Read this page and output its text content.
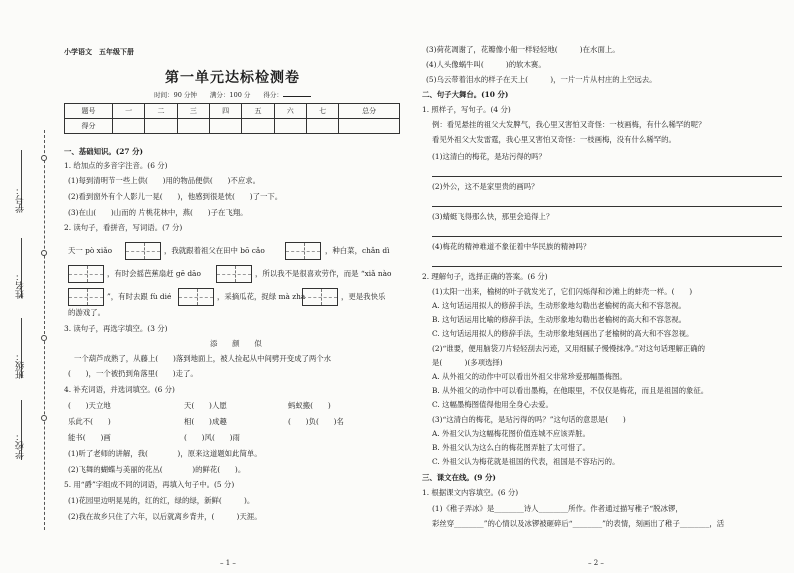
学号：
姓名：
班级：
学校：
小学语文　五年级下册
第一单元达标检测卷
时间：90 分钟　　满分：100 分　　得分：
题号	一	二	三	四	五	六	七	总分
得分								
一、基础知识。(27 分)
1. 给加点的多音字注音。(6 分)
(1)每到清明节一些上供(　　)用的物品便供(　　)不应求。
(2)看到窗外有个人影儿一晃(　　)，他感到很是恍(　　)了一下。
(3)在山(　　)山而的 片桃花林中，燕(　　)子在飞翔。
2. 读句子，看拼音，写词语。(7 分)
天一 pò xiǎo	，我就跟着祖父在田中 bō cǎo	，种白菜，chǎn dì
，有时会摇芭蕉扇赶 gē dāo	，所以我不是很喜欢劳作，而是 “xiǎ nào
”，有时去跟 fù dié	，采摘瓜花，捉绿 mà zhà	，更是我快乐
的游戏了。
3. 读句子，再选字填空。(3 分)
添　　颜　　似
一个葫芦成熟了，从藤上(　　)落到地面上，被人捡起从中间劈开变成了两个水
(　　)，一个被扔到角落里(　　)走了。
4. 补充词语，并选词填空。(6 分)
(　　)天立地	天(　　)人愿	蚂蚁搬(　　)
乐此不(　　)	相(　　)成趣	(　　)负(　　)名
能书(　　)画	(　　)风(　　)雨
(1)听了老师的讲解，我(　　　　)，原来这道题如此简单。
(2)飞舞的蝴蝶与美丽的花丛(　　　　)的鲜花(　　)。
5. 用“爵”字组成不同的词语，再填入句子中。(5 分)
(1)花园里边明晃晃的，红的红，绿的绿，新鲜(　　　)。
(2)我在故乡只住了六年，以后就离乡背井，(　　　)天涯。
– 1 –
(3)荷花凋谢了，花瓣像小船一样轻轻地(　　　)在水面上。
(4)人头像蜗牛叫(　　　)的软木赛。
(5)乌云带着泪水的样子在天上(　　　)，一片一片从村庄的上空远去。
二、句子大舞台。(10 分)
1. 照样子，写句子。(4 分)
例：看见悬挂的祖父大发脾气，我心里又害怕又奇怪：一枝画梅，有什么稀罕的呢？
看见外祖父大发雷霆，我心里又害怕又奇怪：一枝画梅，没有什么稀罕的。
(1)这清白的梅花，是玷污得的吗？
(2)外公，这不是家里贵的画吗？
(3)蜻蜓飞得那么快，那里会追得上？
(4)梅花的精神难道不象征着中华民族的精神吗？
2. 理解句子，选择正确的答案。(6 分)
(1)太阳一出来，榆树的叶子就发光了，它们闪烁得和沙滩上的蚌壳一样。(　　)
A. 这句话运用拟人的修辞手法，生动形象地勾勒出老榆树的高大和不容忽视。
B. 这句话运用比喻的修辞手法，生动形象地勾勒出老榆树的高大和不容忽视。
C. 这句话运用拟人的修辞手法，生动形象地刻画出了老榆树的高大和不容忽视。
(2)“谁要，便用脑袋刀片轻轻刮去污迹，又用细腻子慢慢抹净。”对这句话理解正确的
是(　　　)(多项选择)
A. 从外祖父的动作中可以看出外祖父非常珍爱那幅墨梅图。
B. 从外祖父的动作中可以看出墨梅，在他眼里，不仅仅是梅花，而且是祖国的象征。
C. 这幅墨梅图值得他用全身心去爱。
(3)“这清白的梅花，是玷污得的吗？”这句话的意思是(　　)
A. 外祖父认为这幅梅花图价值连城不应该弄脏。
B. 外祖父认为这么白的梅花图弄脏了太可惜了。
C. 外祖父认为梅花就是祖国的代表，祖国是不容玷污的。
三、课文在线。(9 分)
1. 根据课文内容填空。(6 分)
(1)《稚子弄冰》是________诗人________所作。作者通过描写稚子“脱冰锣，
彩丝穿________”的心情以及冰锣被砸碎后“________”的表情，刻画出了稚子________，活
– 2 –
